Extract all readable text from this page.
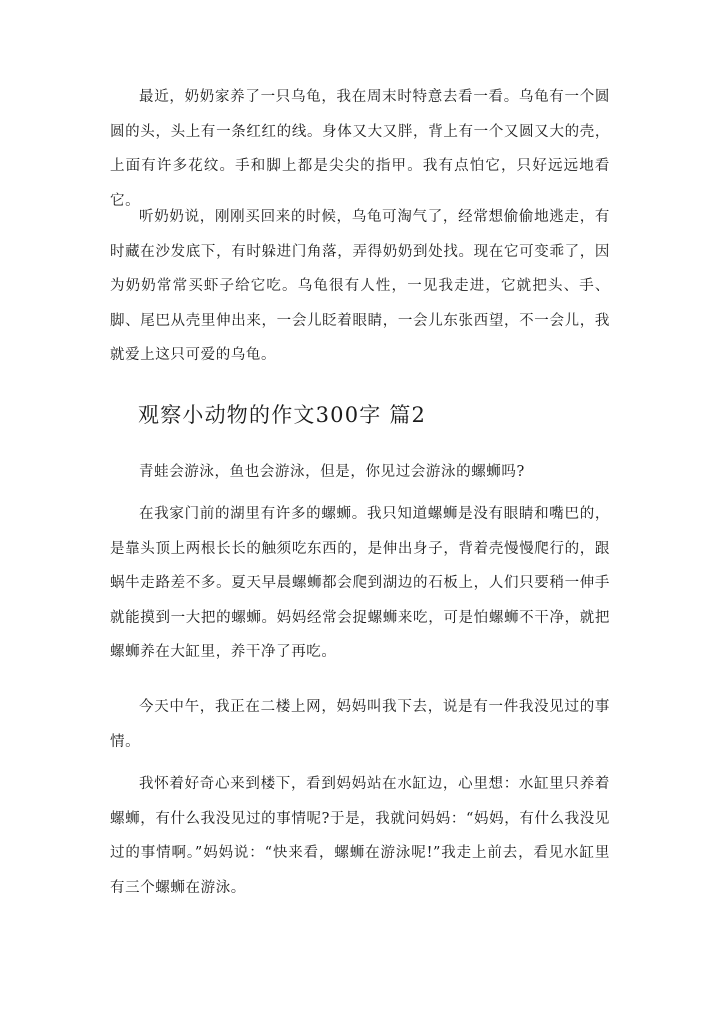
最近，奶奶家养了一只乌龟，我在周末时特意去看一看。乌龟有一个圆圆的头，头上有一条红红的线。身体又大又胖，背上有一个又圆又大的壳，上面有许多花纹。手和脚上都是尖尖的指甲。我有点怕它，只好远远地看它。

听奶奶说，刚刚买回来的时候，乌龟可淘气了，经常想偷偷地逃走，有时藏在沙发底下，有时躲进门角落，弄得奶奶到处找。现在它可变乖了，因为奶奶常常买虾子给它吃。乌龟很有人性，一见我走进，它就把头、手、脚、尾巴从壳里伸出来，一会儿眨着眼睛，一会儿东张西望，不一会儿，我就爱上这只可爱的乌龟。

观察小动物的作文300字 篇2

青蛙会游泳，鱼也会游泳，但是，你见过会游泳的螺蛳吗?

在我家门前的湖里有许多的螺蛳。我只知道螺蛳是没有眼睛和嘴巴的，是靠头顶上两根长长的触须吃东西的，是伸出身子，背着壳慢慢爬行的，跟蜗牛走路差不多。夏天早晨螺蛳都会爬到湖边的石板上，人们只要稍一伸手就能摸到一大把的螺蛳。妈妈经常会捉螺蛳来吃，可是怕螺蛳不干净，就把螺蛳养在大缸里，养干净了再吃。

今天中午，我正在二楼上网，妈妈叫我下去，说是有一件我没见过的事情。

我怀着好奇心来到楼下，看到妈妈站在水缸边，心里想：水缸里只养着螺蛳，有什么我没见过的事情呢?于是，我就问妈妈：“妈妈，有什么我没见过的事情啊。”妈妈说：“快来看，螺蛳在游泳呢!”我走上前去，看见水缸里有三个螺蛳在游泳。
